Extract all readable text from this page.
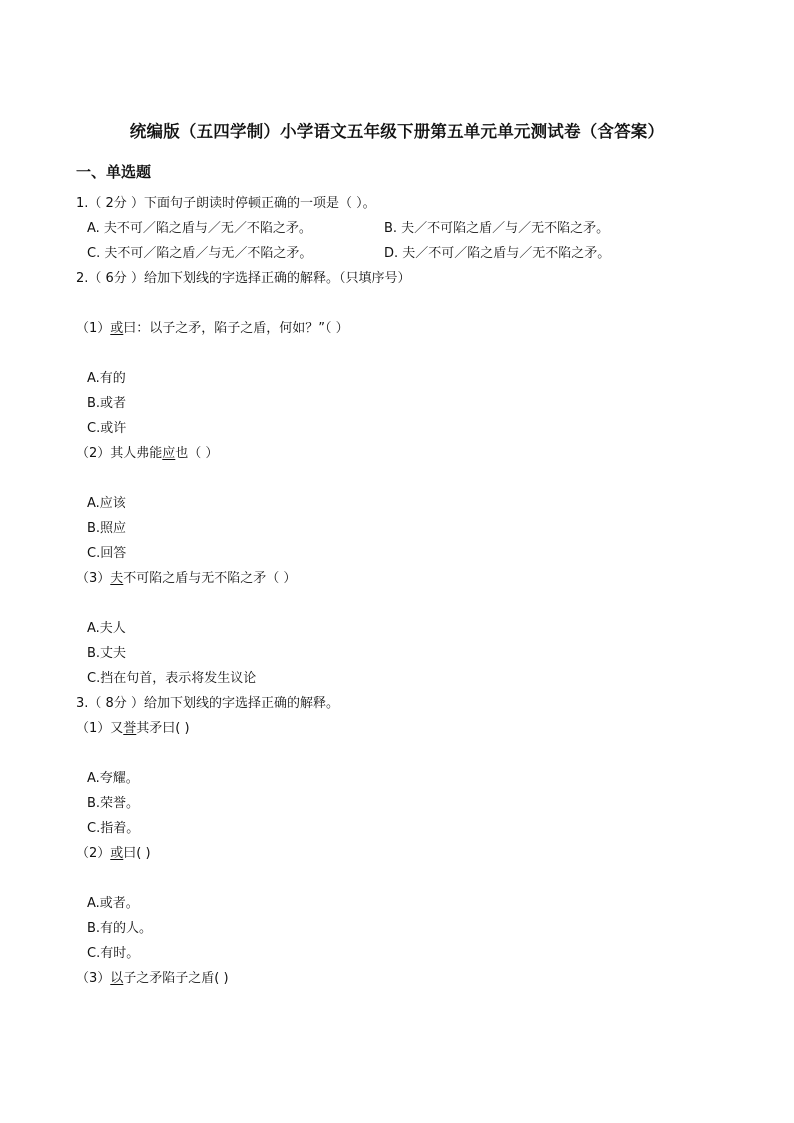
统编版（五四学制）小学语文五年级下册第五单元单元测试卷（含答案）
一、单选题
1.（ 2分 ）下面句子朗读时停顿正确的一项是（ ）。
A. 夫不可／陷之盾与／无／不陷之矛。	B. 夫／不可陷之盾／与／无不陷之矛。
C. 夫不可／陷之盾／与无／不陷之矛。	D. 夫／不可／陷之盾与／无不陷之矛。
2.（ 6分 ）给加下划线的字选择正确的解释。（只填序号）
（1）或曰：以子之矛，陷子之盾，何如？”（ ）
A.有的
B.或者
C.或许
（2）其人弗能应也（ ）
A.应该
B.照应
C.回答
（3）夫不可陷之盾与无不陷之矛（ ）
A.夫人
B.丈夫
C.挡在句首，表示将发生议论
3.（ 8分 ）给加下划线的字选择正确的解释。
（1）又誉其矛曰( )
A.夸耀。
B.荣誉。
C.指着。
（2）或曰( )
A.或者。
B.有的人。
C.有时。
（3）以子之矛陷子之盾( )
